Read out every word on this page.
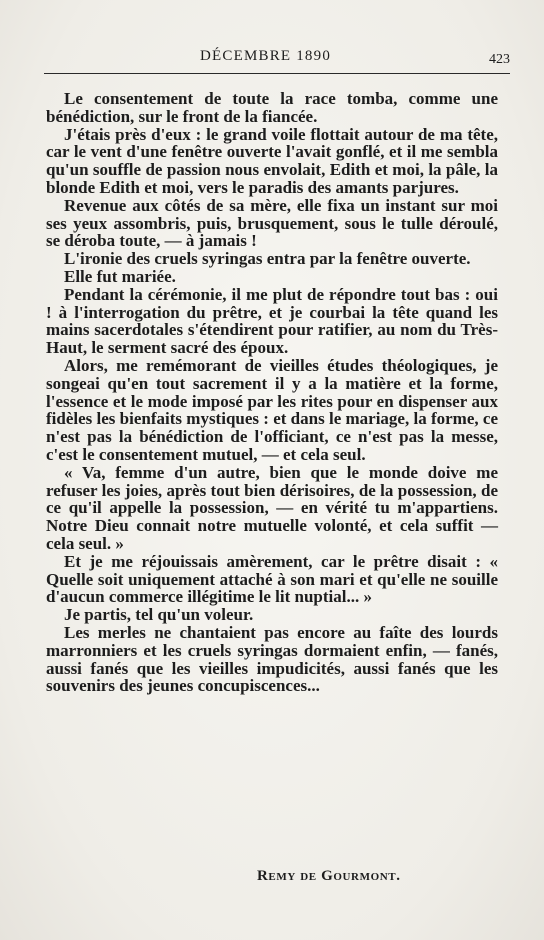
DÉCEMBRE 1890	423

Le consentement de toute la race tomba, comme une bénédiction, sur le front de la fiancée.

J'étais près d'eux : le grand voile flottait autour de ma tête, car le vent d'une fenêtre ouverte l'avait gonflé, et il me sembla qu'un souffle de passion nous envolait, Edith et moi, la pâle, la blonde Edith et moi, vers le paradis des amants parjures.

Revenue aux côtés de sa mère, elle fixa un instant sur moi ses yeux assombris, puis, brusquement, sous le tulle déroulé, se déroba toute, — à jamais !

L'ironie des cruels syringas entra par la fenêtre ouverte.

Elle fut mariée.

Pendant la cérémonie, il me plut de répondre tout bas : oui ! à l'interrogation du prêtre, et je courbai la tête quand les mains sacerdotales s'étendirent pour ratifier, au nom du Très-Haut, le serment sacré des époux.

Alors, me remémorant de vieilles études théologiques, je songeai qu'en tout sacrement il y a la matière et la forme, l'essence et le mode imposé par les rites pour en dispenser aux fidèles les bienfaits mystiques : et dans le mariage, la forme, ce n'est pas la bénédiction de l'officiant, ce n'est pas la messe, c'est le consentement mutuel, — et cela seul.

« Va, femme d'un autre, bien que le monde doive me refuser les joies, après tout bien dérisoires, de la possession, de ce qu'il appelle la possession, — en vérité tu m'appartiens. Notre Dieu connait notre mutuelle volonté, et cela suffit — cela seul. »

Et je me réjouissais amèrement, car le prêtre disait : « Quelle soit uniquement attaché à son mari et qu'elle ne souille d'aucun commerce illégitime le lit nuptial... »

Je partis, tel qu'un voleur.

Les merles ne chantaient pas encore au faîte des lourds marronniers et les cruels syringas dormaient enfin, — fanés, aussi fanés que les vieilles impudicités, aussi fanés que les souvenirs des jeunes concupiscences...

Remy de Gourmont.
